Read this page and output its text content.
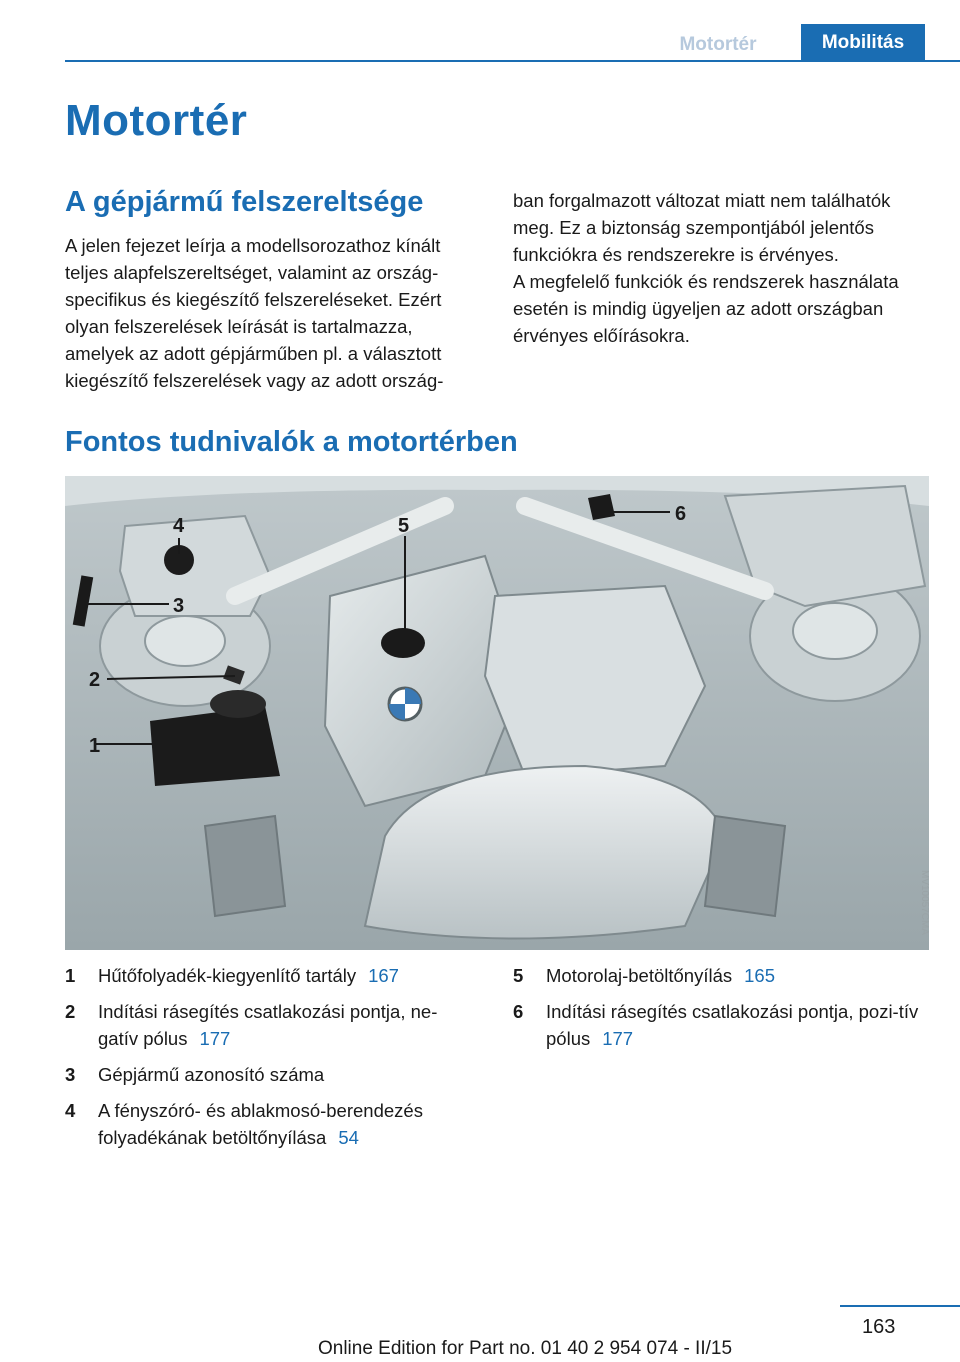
Motortér	Mobilitás
Motortér
A gépjármű felszereltsége
A jelen fejezet leírja a modellsorozathoz kínált teljes alapfelszereltséget, valamint az ország-specifikus és kiegészítő felszereléseket. Ezért olyan felszerelések leírását is tartalmazza, amelyek az adott gépjárműben pl. a választott kiegészítő felszerelések vagy az adott ország-
ban forgalmazott változat miatt nem találhatók meg. Ez a biztonság szempontjából jelentős funkciókra és rendszerekre is érvényes.
A megfelelő funkciók és rendszerek használata esetén is mindig ügyeljen az adott országban érvényes előírásokra.
Fontos tudnivalók a motortérben
1
2
3
4	5
6
MV10057CMA
1	Hűtőfolyadék-kiegyenlítő tartály 167
2	Indítási rásegítés csatlakozási pontja, ne-gatív pólus 177
3	Gépjármű azonosító száma
4	A fényszóró- és ablakmosó-berendezés folyadékának betöltőnyílása 54
5	Motorolaj-betöltőnyílás 165
6	Indítási rásegítés csatlakozási pontja, pozi-tív pólus 177
163
Online Edition for Part no. 01 40 2 954 074 - II/15
